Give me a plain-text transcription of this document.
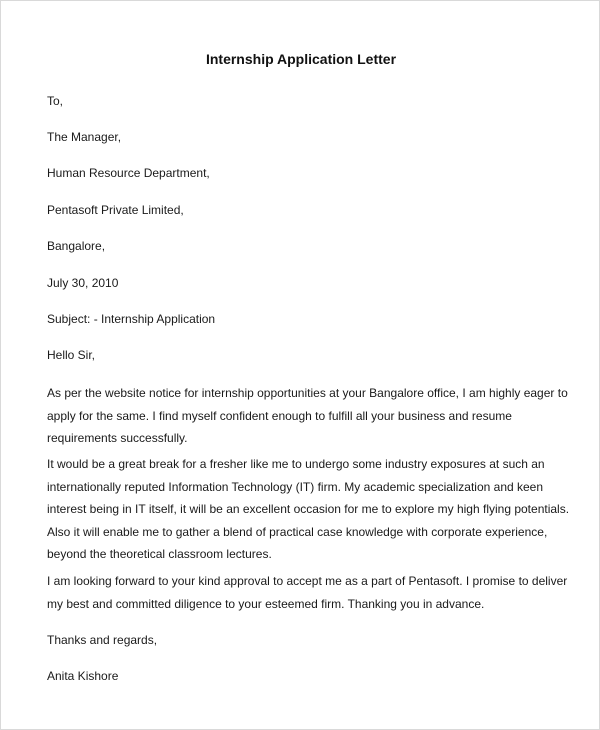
Internship Application Letter
To,
The Manager,
Human Resource Department,
Pentasoft Private Limited,
Bangalore,
July 30, 2010
Subject: - Internship Application
Hello Sir,
As per the website notice for internship opportunities at your Bangalore office, I am highly eager to
apply for the same. I find myself confident enough to fulfill all your business and resume
requirements successfully.
It would be a great break for a fresher like me to undergo some industry exposures at such an
internationally reputed Information Technology (IT) firm. My academic specialization and keen
interest being in IT itself, it will be an excellent occasion for me to explore my high flying potentials.
Also it will enable me to gather a blend of practical case knowledge with corporate experience,
beyond the theoretical classroom lectures.
I am looking forward to your kind approval to accept me as a part of Pentasoft. I promise to deliver
my best and committed diligence to your esteemed firm. Thanking you in advance.
Thanks and regards,
Anita Kishore
